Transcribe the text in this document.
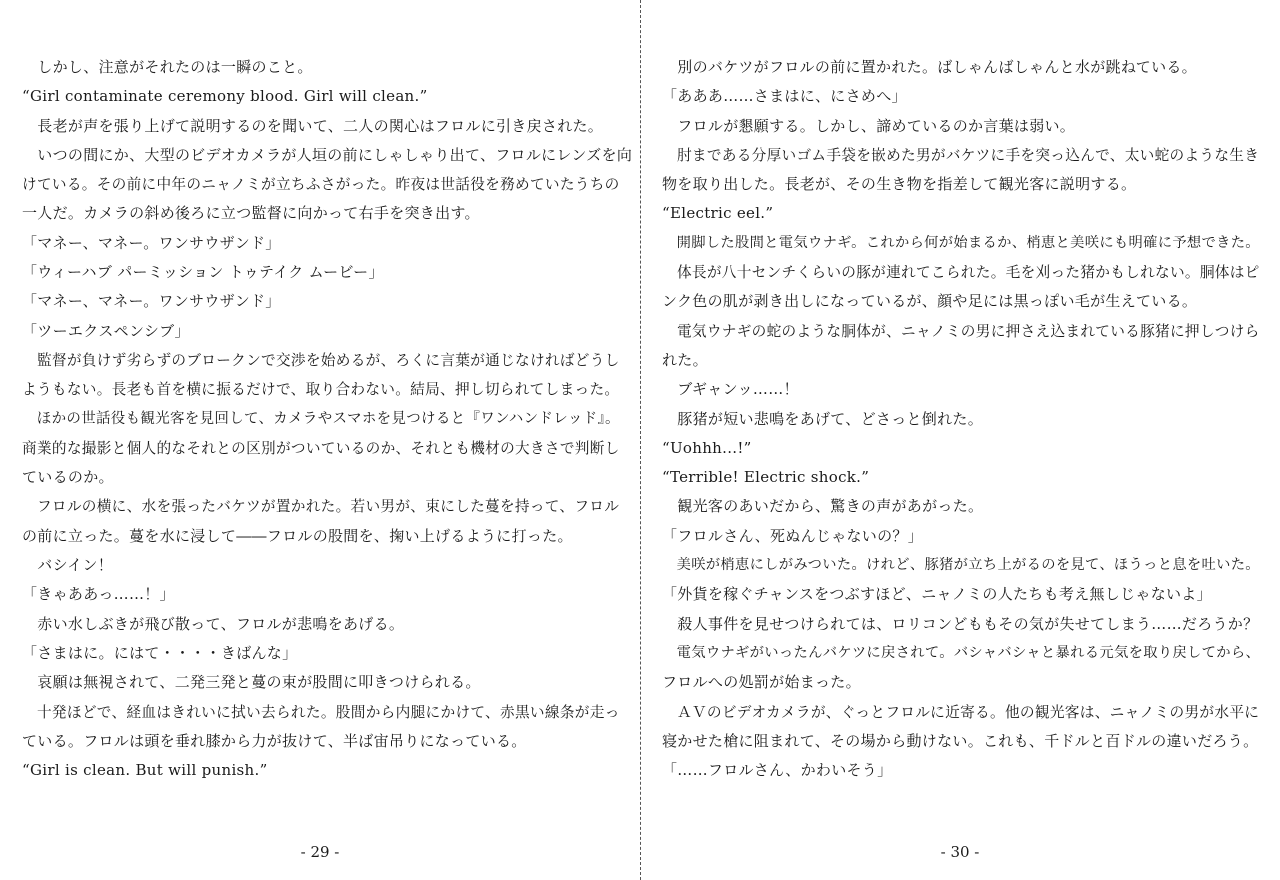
　しかし、注意がそれたのは一瞬のこと。
“Girl contaminate ceremony blood. Girl will clean.”
　長老が声を張り上げて説明するのを聞いて、二人の関心はフロルに引き戻された。
　いつの間にか、大型のビデオカメラが人垣の前にしゃしゃり出て、フロルにレンズを向
けている。その前に中年のニャノミが立ちふさがった。昨夜は世話役を務めていたうちの
一人だ。カメラの斜め後ろに立つ監督に向かって右手を突き出す。
「マネー、マネー。ワンサウザンド」
「ウィーハブ パーミッション トゥテイク ムービー」
「マネー、マネー。ワンサウザンド」
「ツーエクスペンシブ」
　監督が負けず劣らずのブロークンで交渉を始めるが、ろくに言葉が通じなければどうし
ようもない。長老も首を横に振るだけで、取り合わない。結局、押し切られてしまった。
　ほかの世話役も観光客を見回して、カメラやスマホを見つけると『ワンハンドレッド』。
商業的な撮影と個人的なそれとの区別がついているのか、それとも機材の大きさで判断し
ているのか。
　フロルの横に、水を張ったバケツが置かれた。若い男が、束にした蔓を持って、フロル
の前に立った。蔓を水に浸して――フロルの股間を、掬い上げるように打った。
　バシイン！
「きゃああっ……！」
　赤い水しぶきが飛び散って、フロルが悲鳴をあげる。
「さまはに。にはて・・・・きばんな」
　哀願は無視されて、二発三発と蔓の束が股間に叩きつけられる。
　十発ほどで、経血はきれいに拭い去られた。股間から内腿にかけて、赤黒い線条が走っ
ている。フロルは頭を垂れ膝から力が抜けて、半ば宙吊りになっている。
“Girl is clean. But will punish.”
- 29 -
　別のバケツがフロルの前に置かれた。ばしゃんばしゃんと水が跳ねている。
「あああ……さまはに、にさめへ」
　フロルが懇願する。しかし、諦めているのか言葉は弱い。
　肘まである分厚いゴム手袋を嵌めた男がバケツに手を突っ込んで、太い蛇のような生き
物を取り出した。長老が、その生き物を指差して観光客に説明する。
“Electric eel.”
　開脚した股間と電気ウナギ。これから何が始まるか、梢恵と美咲にも明確に予想できた。
　体長が八十センチくらいの豚が連れてこられた。毛を刈った猪かもしれない。胴体はピ
ンク色の肌が剥き出しになっているが、顔や足には黒っぽい毛が生えている。
　電気ウナギの蛇のような胴体が、ニャノミの男に押さえ込まれている豚猪に押しつけら
れた。
　ブギャンッ……！
　豚猪が短い悲鳴をあげて、どさっと倒れた。
“Uohhh...!”
“Terrible! Electric shock.”
　観光客のあいだから、驚きの声があがった。
「フロルさん、死ぬんじゃないの？」
　美咲が梢恵にしがみついた。けれど、豚猪が立ち上がるのを見て、ほうっと息を吐いた。
「外貨を稼ぐチャンスをつぶすほど、ニャノミの人たちも考え無しじゃないよ」
　殺人事件を見せつけられては、ロリコンどももその気が失せてしまう……だろうか？
　電気ウナギがいったんバケツに戻されて。バシャバシャと暴れる元気を取り戻してから、
フロルへの処罰が始まった。
　ＡＶのビデオカメラが、ぐっとフロルに近寄る。他の観光客は、ニャノミの男が水平に
寝かせた槍に阻まれて、その場から動けない。これも、千ドルと百ドルの違いだろう。
「……フロルさん、かわいそう」
- 30 -
